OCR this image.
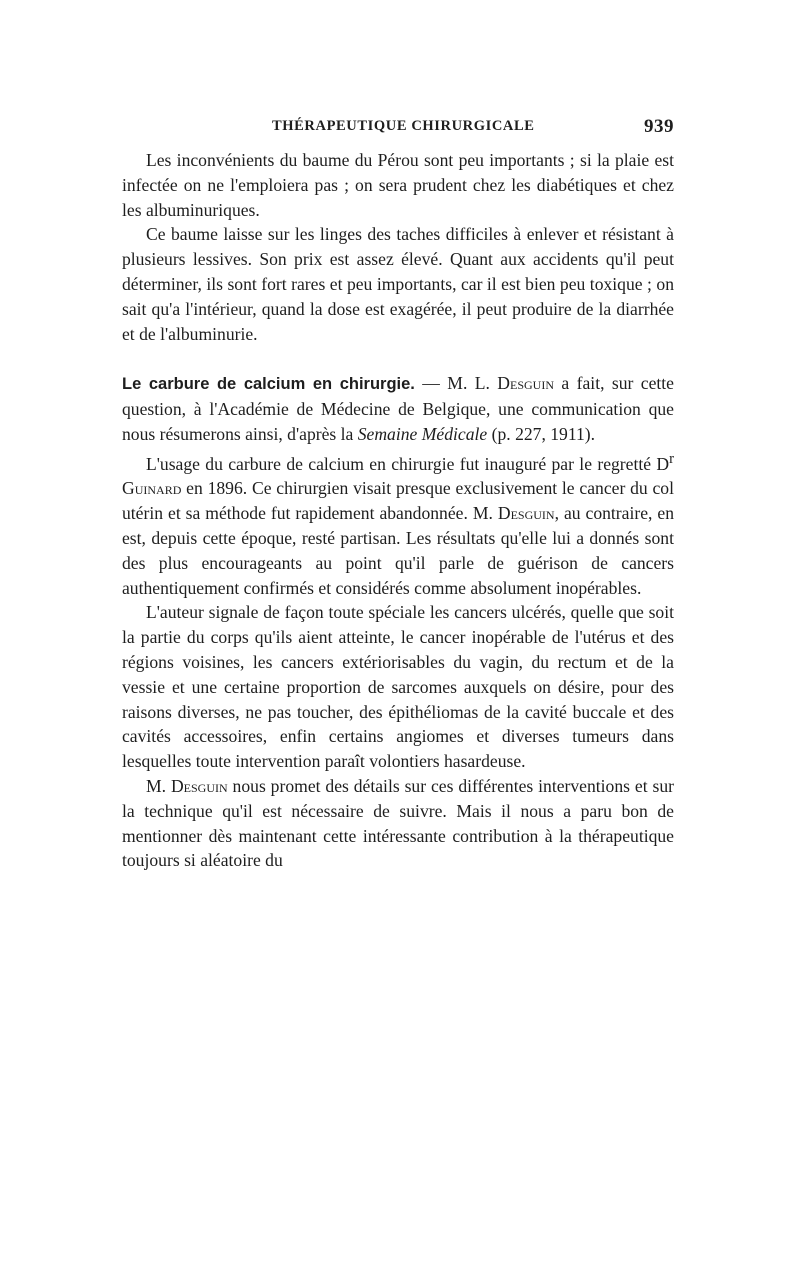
THÉRAPEUTIQUE CHIRURGICALE	939

Les inconvénients du baume du Pérou sont peu importants ; si la plaie est infectée on ne l'emploiera pas ; on sera prudent chez les diabétiques et chez les albuminuriques.

Ce baume laisse sur les linges des taches difficiles à enlever et résistant à plusieurs lessives. Son prix est assez élevé. Quant aux accidents qu'il peut déterminer, ils sont fort rares et peu importants, car il est bien peu toxique ; on sait qu'a l'intérieur, quand la dose est exagérée, il peut produire de la diarrhée et de l'albuminurie.

Le carbure de calcium en chirurgie. — M. L. Desguin a fait, sur cette question, à l'Académie de Médecine de Belgique, une communication que nous résumerons ainsi, d'après la Semaine Médicale (p. 227, 1911).

L'usage du carbure de calcium en chirurgie fut inauguré par le regretté $D^r$ Guinard en 1896. Ce chirurgien visait presque exclusivement le cancer du col utérin et sa méthode fut rapidement abandonnée. M. Desguin, au contraire, en est, depuis cette époque, resté partisan. Les résultats qu'elle lui a donnés sont des plus encourageants au point qu'il parle de guérison de cancers authentiquement confirmés et considérés comme absolument inopérables.

L'auteur signale de façon toute spéciale les cancers ulcérés, quelle que soit la partie du corps qu'ils aient atteinte, le cancer inopérable de l'utérus et des régions voisines, les cancers extériorisables du vagin, du rectum et de la vessie et une certaine proportion de sarcomes auxquels on désire, pour des raisons diverses, ne pas toucher, des épithéliomas de la cavité buccale et des cavités accessoires, enfin certains angiomes et diverses tumeurs dans lesquelles toute intervention paraît volontiers hasardeuse.

M. Desguin nous promet des détails sur ces différentes interventions et sur la technique qu'il est nécessaire de suivre. Mais il nous a paru bon de mentionner dès maintenant cette intéressante contribution à la thérapeutique toujours si aléatoire du
